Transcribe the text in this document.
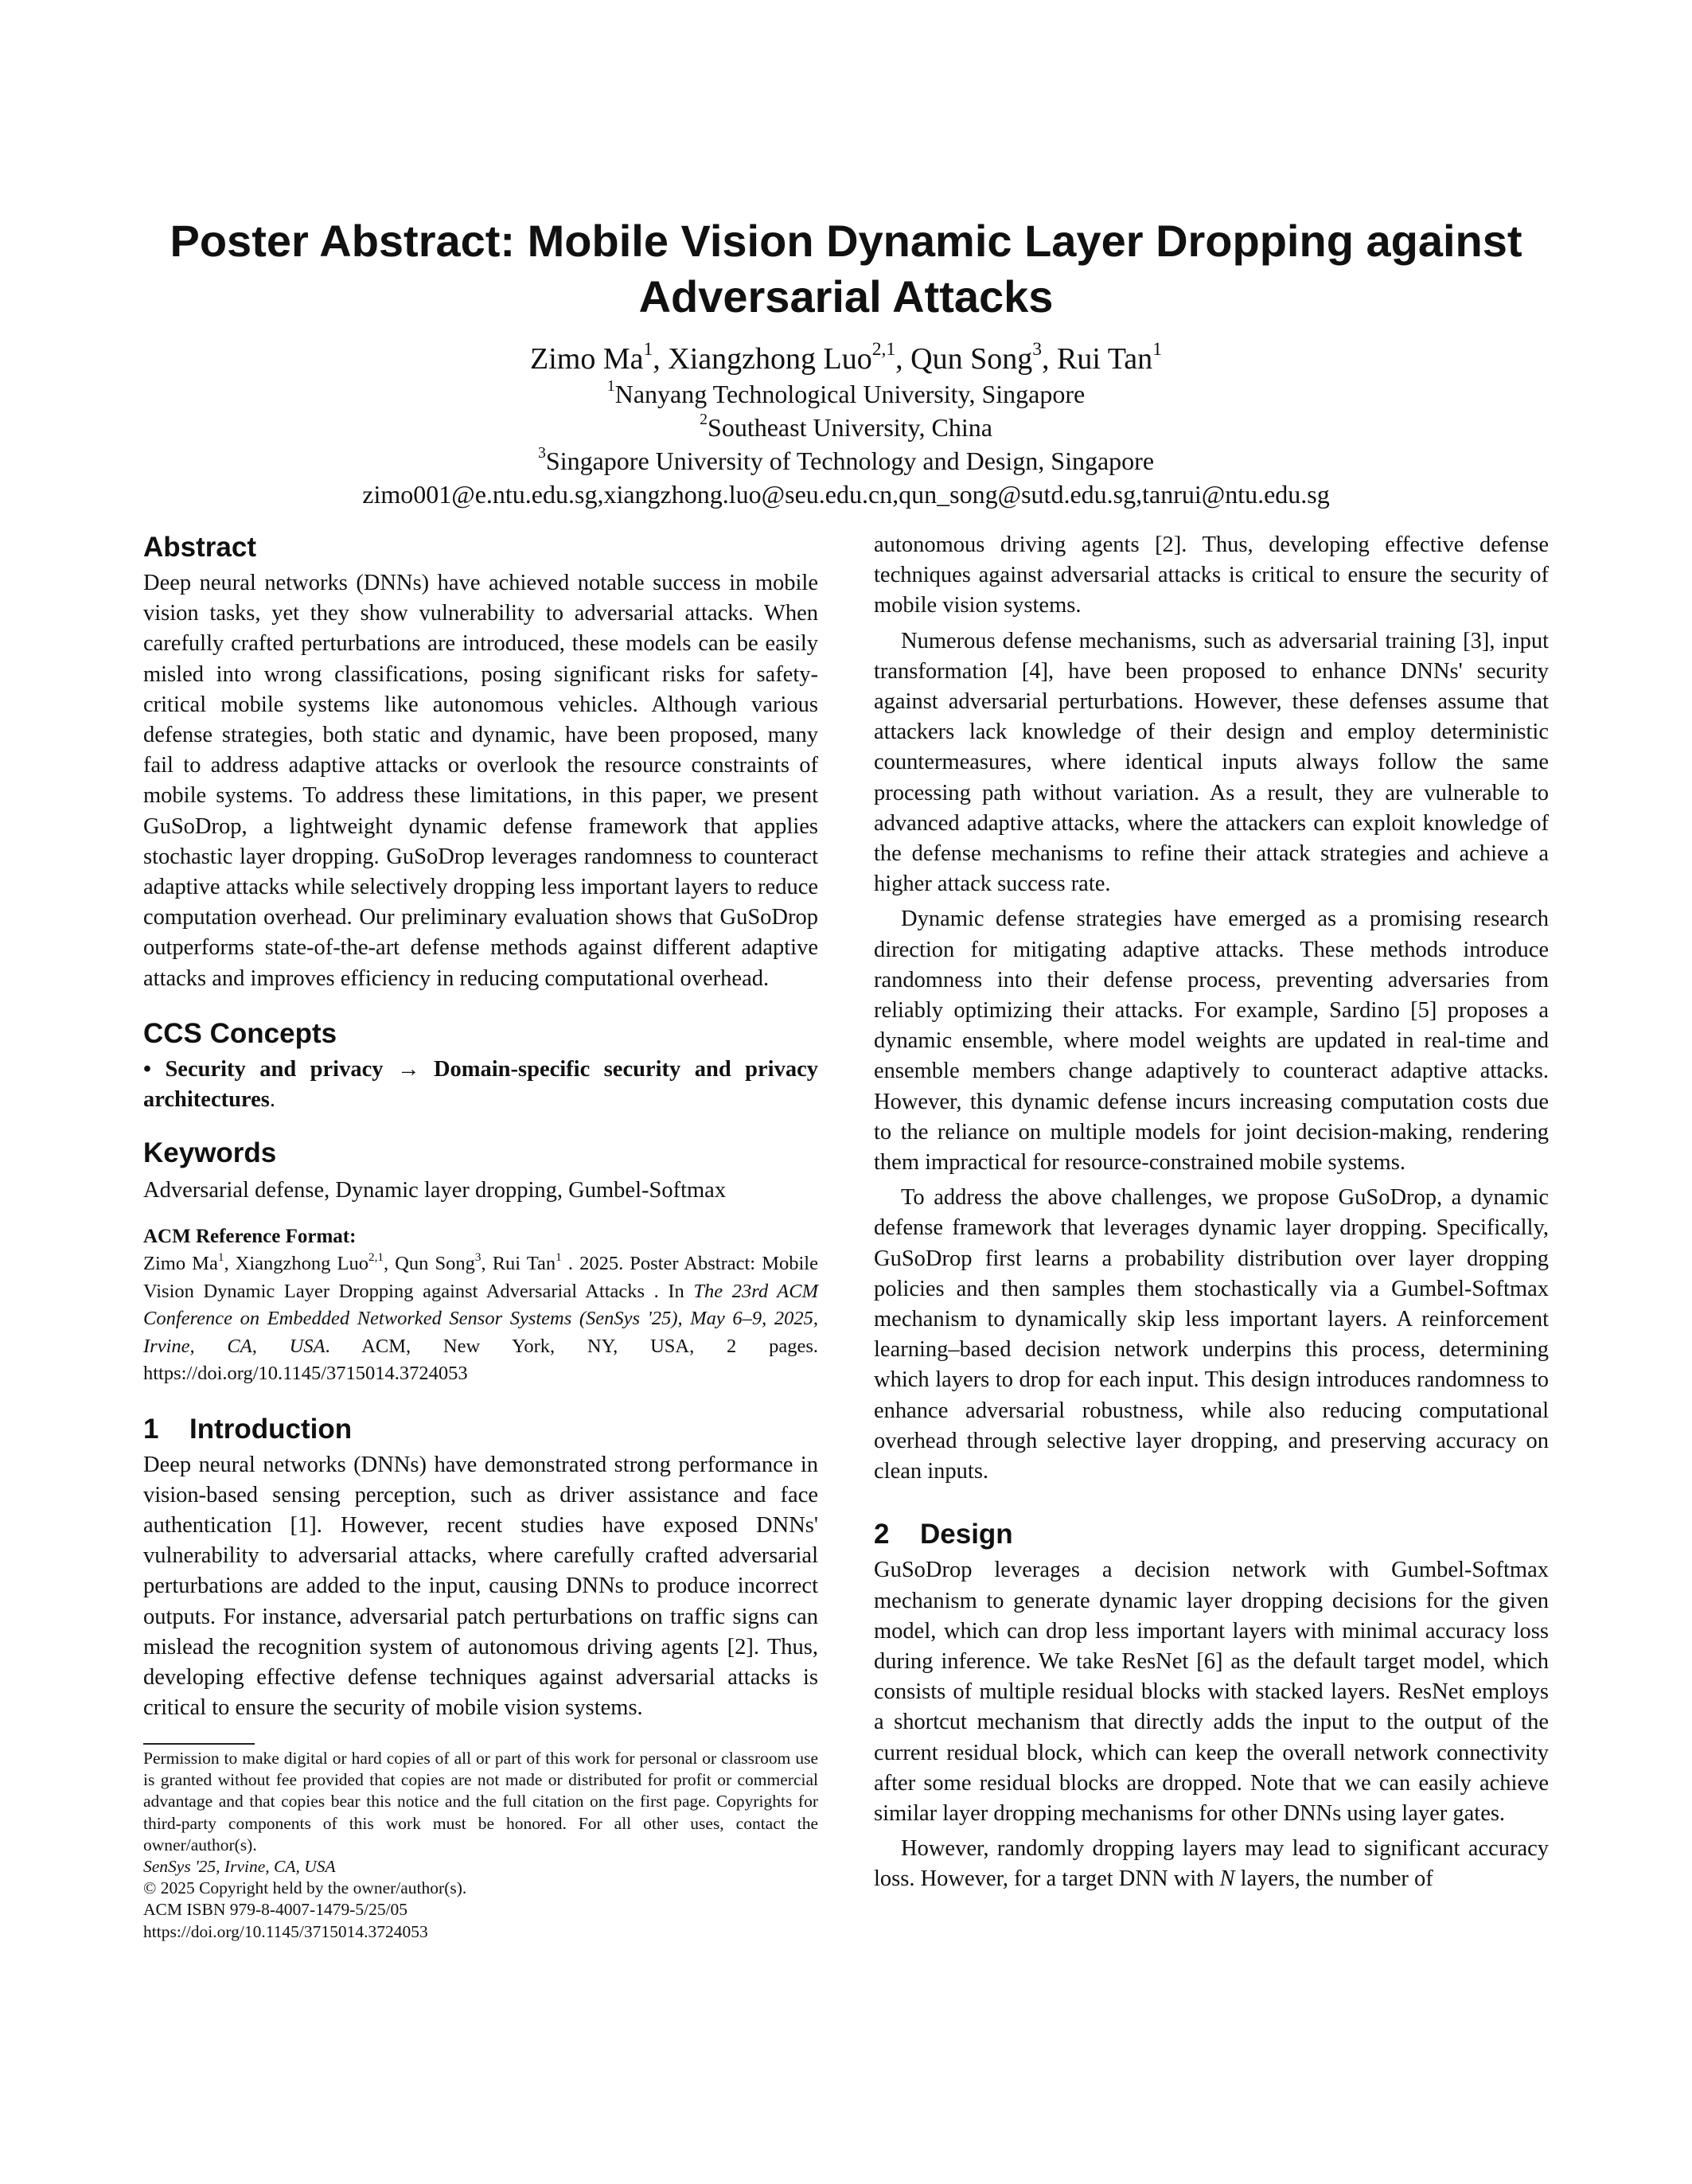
Poster Abstract: Mobile Vision Dynamic Layer Dropping against
Adversarial Attacks
Zimo Ma$^1$, Xiangzhong Luo$^{2,1}$, Qun Song$^3$, Rui Tan$^1$
$^1$Nanyang Technological University, Singapore
$^2$Southeast University, China
$^3$Singapore University of Technology and Design, Singapore
zimo001@e.ntu.edu.sg,xiangzhong.luo@seu.edu.cn,qun_song@sutd.edu.sg,tanrui@ntu.edu.sg
Abstract

Deep neural networks (DNNs) have achieved notable success in mobile vision tasks, yet they show vulnerability to adversarial attacks. When carefully crafted perturbations are introduced, these models can be easily misled into wrong classifications, posing significant risks for safety-critical mobile systems like autonomous vehicles. Although various defense strategies, both static and dynamic, have been proposed, many fail to address adaptive attacks or overlook the resource constraints of mobile systems. To address these limitations, in this paper, we present GuSoDrop, a lightweight dynamic defense framework that applies stochastic layer dropping. GuSoDrop leverages randomness to counteract adaptive attacks while selectively dropping less important layers to reduce computation overhead. Our preliminary evaluation shows that GuSoDrop outperforms state-of-the-art defense methods against different adaptive attacks and improves efficiency in reducing computational overhead.

CCS Concepts

• Security and privacy → Domain-specific security and privacy architectures.

Keywords

Adversarial defense, Dynamic layer dropping, Gumbel-Softmax

ACM Reference Format:

Zimo Ma$^1$, Xiangzhong Luo$^{2,1}$, Qun Song$^3$, Rui Tan$^1$ . 2025. Poster Abstract: Mobile Vision Dynamic Layer Dropping against Adversarial Attacks . In The 23rd ACM Conference on Embedded Networked Sensor Systems (SenSys '25), May 6–9, 2025, Irvine, CA, USA. ACM, New York, NY, USA, 2 pages. https://doi.org/10.1145/3715014.3724053

1 Introduction

Deep neural networks (DNNs) have demonstrated strong performance in vision-based sensing perception, such as driver assistance and face authentication [1]. However, recent studies have exposed DNNs' vulnerability to adversarial attacks, where carefully crafted adversarial perturbations are added to the input, causing DNNs to produce incorrect outputs. For instance, adversarial patch perturbations on traffic signs can mislead the recognition system of autonomous driving agents [2]. Thus, developing effective defense techniques against adversarial attacks is critical to ensure the security of mobile vision systems.

autonomous driving agents [2]. Thus, developing effective defense techniques against adversarial attacks is critical to ensure the security of mobile vision systems.

Numerous defense mechanisms, such as adversarial training [3], input transformation [4], have been proposed to enhance DNNs' security against adversarial perturbations. However, these defenses assume that attackers lack knowledge of their design and employ deterministic countermeasures, where identical inputs always follow the same processing path without variation. As a result, they are vulnerable to advanced adaptive attacks, where the attackers can exploit knowledge of the defense mechanisms to refine their attack strategies and achieve a higher attack success rate.

Dynamic defense strategies have emerged as a promising research direction for mitigating adaptive attacks. These methods introduce randomness into their defense process, preventing adversaries from reliably optimizing their attacks. For example, Sardino [5] proposes a dynamic ensemble, where model weights are updated in real-time and ensemble members change adaptively to counteract adaptive attacks. However, this dynamic defense incurs increasing computation costs due to the reliance on multiple models for joint decision-making, rendering them impractical for resource-constrained mobile systems.

To address the above challenges, we propose GuSoDrop, a dynamic defense framework that leverages dynamic layer dropping. Specifically, GuSoDrop first learns a probability distribution over layer dropping policies and then samples them stochastically via a Gumbel-Softmax mechanism to dynamically skip less important layers. A reinforcement learning–based decision network underpins this process, determining which layers to drop for each input. This design introduces randomness to enhance adversarial robustness, while also reducing computational overhead through selective layer dropping, and preserving accuracy on clean inputs.

2 Design

GuSoDrop leverages a decision network with Gumbel-Softmax mechanism to generate dynamic layer dropping decisions for the given model, which can drop less important layers with minimal accuracy loss during inference. We take ResNet [6] as the default target model, which consists of multiple residual blocks with stacked layers. ResNet employs a shortcut mechanism that directly adds the input to the output of the current residual block, which can keep the overall network connectivity after some residual blocks are dropped. Note that we can easily achieve similar layer dropping mechanisms for other DNNs using layer gates.

However, randomly dropping layers may lead to significant accuracy loss. However, for a target DNN with N layers, the number of

Permission to make digital or hard copies of all or part of this work for personal or classroom use is granted without fee provided that copies are not made or distributed for profit or commercial advantage and that copies bear this notice and the full citation on the first page. Copyrights for third-party components of this work must be honored. For all other uses, contact the owner/author(s).
SenSys '25, Irvine, CA, USA
© 2025 Copyright held by the owner/author(s).
ACM ISBN 979-8-4007-1479-5/25/05
https://doi.org/10.1145/3715014.3724053
